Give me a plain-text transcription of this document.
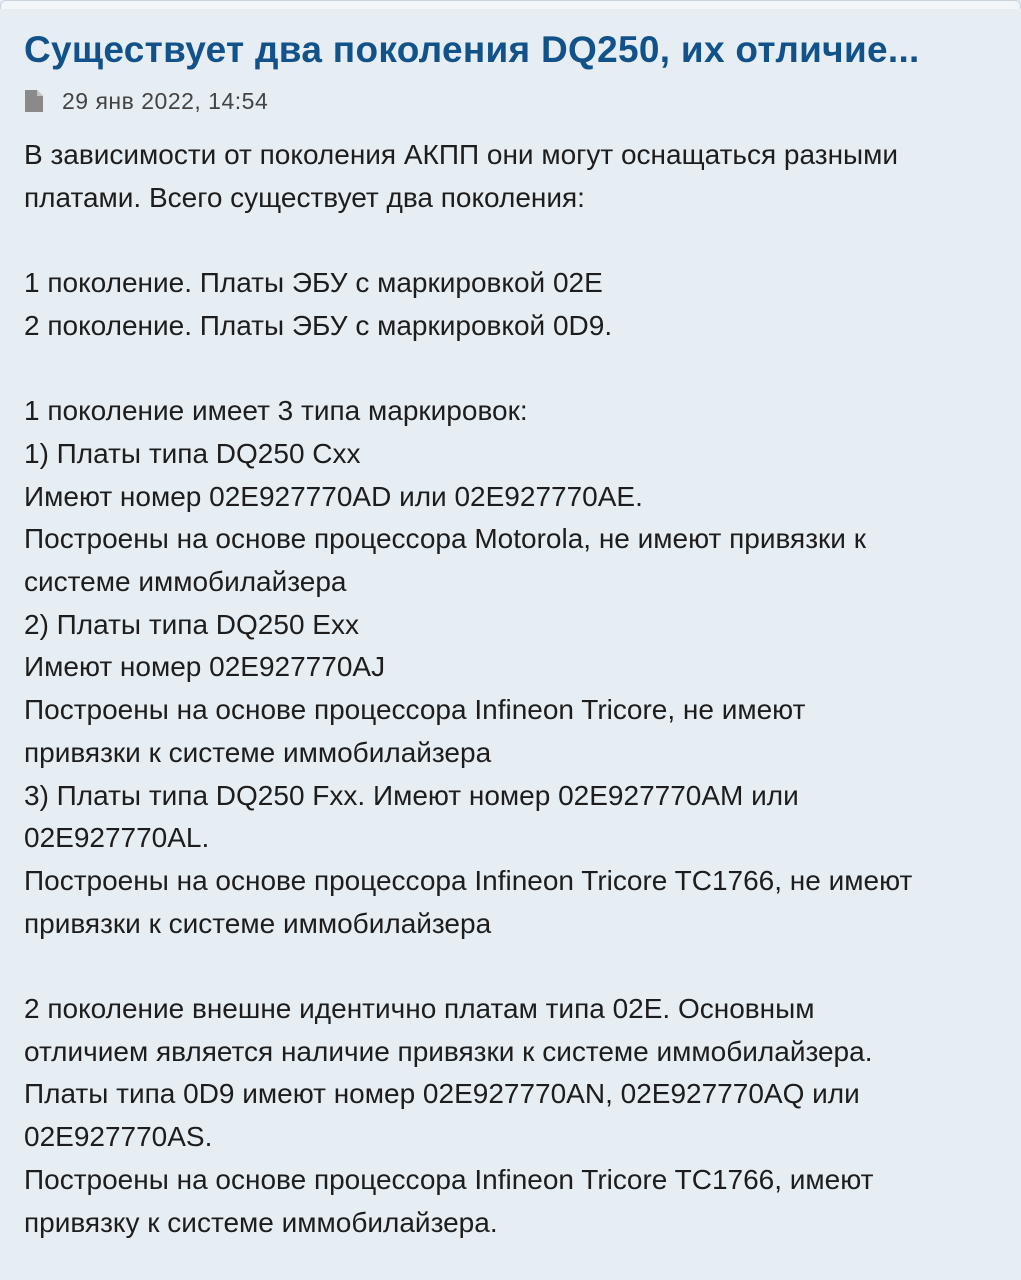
Существует два поколения DQ250, их отличие...
29 янв 2022, 14:54

В зависимости от поколения АКПП они могут оснащаться разными

платами. Всего существует два поколения:

1 поколение. Платы ЭБУ с маркировкой 02E

2 поколение. Платы ЭБУ с маркировкой 0D9.

1 поколение имеет 3 типа маркировок:

1) Платы типа DQ250 Cxx

Имеют номер 02E927770AD или 02E927770AE.

Построены на основе процессора Motorola, не имеют привязки к

системе иммобилайзера

2) Платы типа DQ250 Exx

Имеют номер 02E927770AJ

Построены на основе процессора Infineon Tricore, не имеют

привязки к системе иммобилайзера

3) Платы типа DQ250 Fxx. Имеют номер 02E927770AM или

02E927770AL.

Построены на основе процессора Infineon Tricore TC1766, не имеют

привязки к системе иммобилайзера

2 поколение внешне идентично платам типа 02E. Основным

отличием является наличие привязки к системе иммобилайзера.

Платы типа 0D9 имеют номер 02E927770AN, 02E927770AQ или

02E927770AS.

Построены на основе процессора Infineon Tricore TC1766, имеют

привязку к системе иммобилайзера.
